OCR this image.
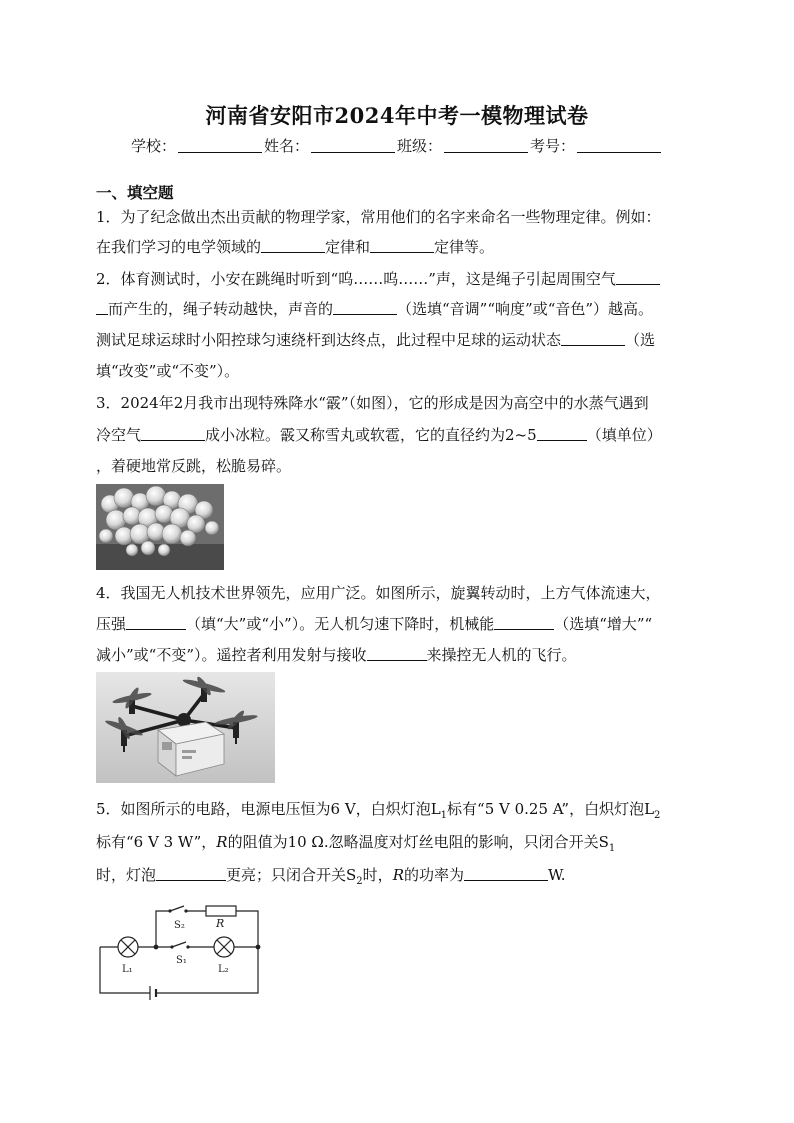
河南省安阳市2024年中考一模物理试卷
学校：	姓名：	班级：	考号：
一、填空题
1．为了纪念做出杰出贡献的物理学家，常用他们的名字来命名一些物理定律。例如：
在我们学习的电学领域的	定律和	定律等。
2．体育测试时，小安在跳绳时听到“呜……呜……”声，这是绳子引起周围空气
而产生的，绳子转动越快，声音的	（选填“音调”“响度”或“音色”）越高。
测试足球运球时小阳控球匀速绕杆到达终点，此过程中足球的运动状态	（选
填“改变”或“不变”）。
3．2024年2月我市出现特殊降水“霰”（如图），它的形成是因为高空中的水蒸气遇到
冷空气	成小冰粒。霰又称雪丸或软雹，它的直径约为2~5	（填单位）
，着硬地常反跳，松脆易碎。
4．我国无人机技术世界领先，应用广泛。如图所示，旋翼转动时，上方气体流速大，
压强	（填“大”或“小”）。无人机匀速下降时，机械能	（选填“增大”“
减小”或“不变”）。遥控者利用发射与接收	来操控无人机的飞行。
5．如图所示的电路，电源电压恒为6 V，白炽灯泡$L_1$标有“5 V 0.25 A”，白炽灯泡$L_2$
标有“6 V 3 W”，R的阻值为10 Ω.忽略温度对灯丝电阻的影响，只闭合开关$S_1$
时，灯泡	更亮；只闭合开关$S_2$时，R的功率为	W.
S₂	R
S₁
L₁	L₂
